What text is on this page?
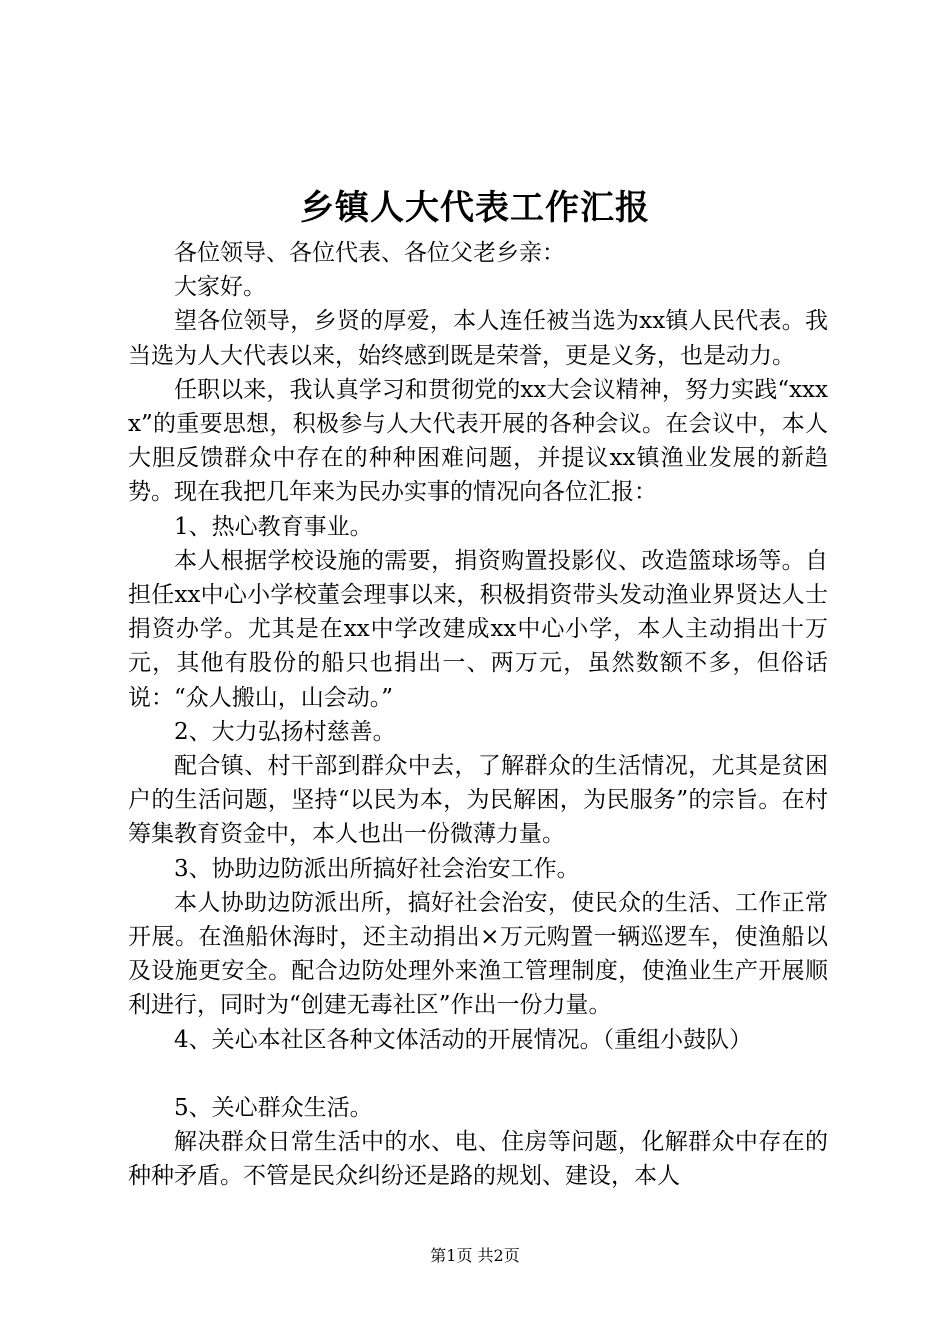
乡镇人大代表工作汇报

各位领导、各位代表、各位父老乡亲：

大家好。

望各位领导，乡贤的厚爱，本人连任被当选为xx镇人民代表。我当选为人大代表以来，始终感到既是荣誉，更是义务，也是动力。

任职以来，我认真学习和贯彻党的xx大会议精神，努力实践“xxxx”的重要思想，积极参与人大代表开展的各种会议。在会议中，本人大胆反馈群众中存在的种种困难问题，并提议xx镇渔业发展的新趋势。现在我把几年来为民办实事的情况向各位汇报：

1、热心教育事业。

本人根据学校设施的需要，捐资购置投影仪、改造篮球场等。自担任xx中心小学校董会理事以来，积极捐资带头发动渔业界贤达人士捐资办学。尤其是在xx中学改建成xx中心小学，本人主动捐出十万元，其他有股份的船只也捐出一、两万元，虽然数额不多，但俗话说：“众人搬山，山会动。”

2、大力弘扬村慈善。

配合镇、村干部到群众中去，了解群众的生活情况，尤其是贫困户的生活问题，坚持“以民为本，为民解困，为民服务”的宗旨。在村筹集教育资金中，本人也出一份微薄力量。

3、协助边防派出所搞好社会治安工作。

本人协助边防派出所，搞好社会治安，使民众的生活、工作正常开展。在渔船休海时，还主动捐出×万元购置一辆巡逻车，使渔船以及设施更安全。配合边防处理外来渔工管理制度，使渔业生产开展顺利进行，同时为“创建无毒社区”作出一份力量。

4、关心本社区各种文体活动的开展情况。（重组小鼓队）

5、关心群众生活。

解决群众日常生活中的水、电、住房等问题，化解群众中存在的种种矛盾。不管是民众纠纷还是路的规划、建设，本人

第1页 共2页
